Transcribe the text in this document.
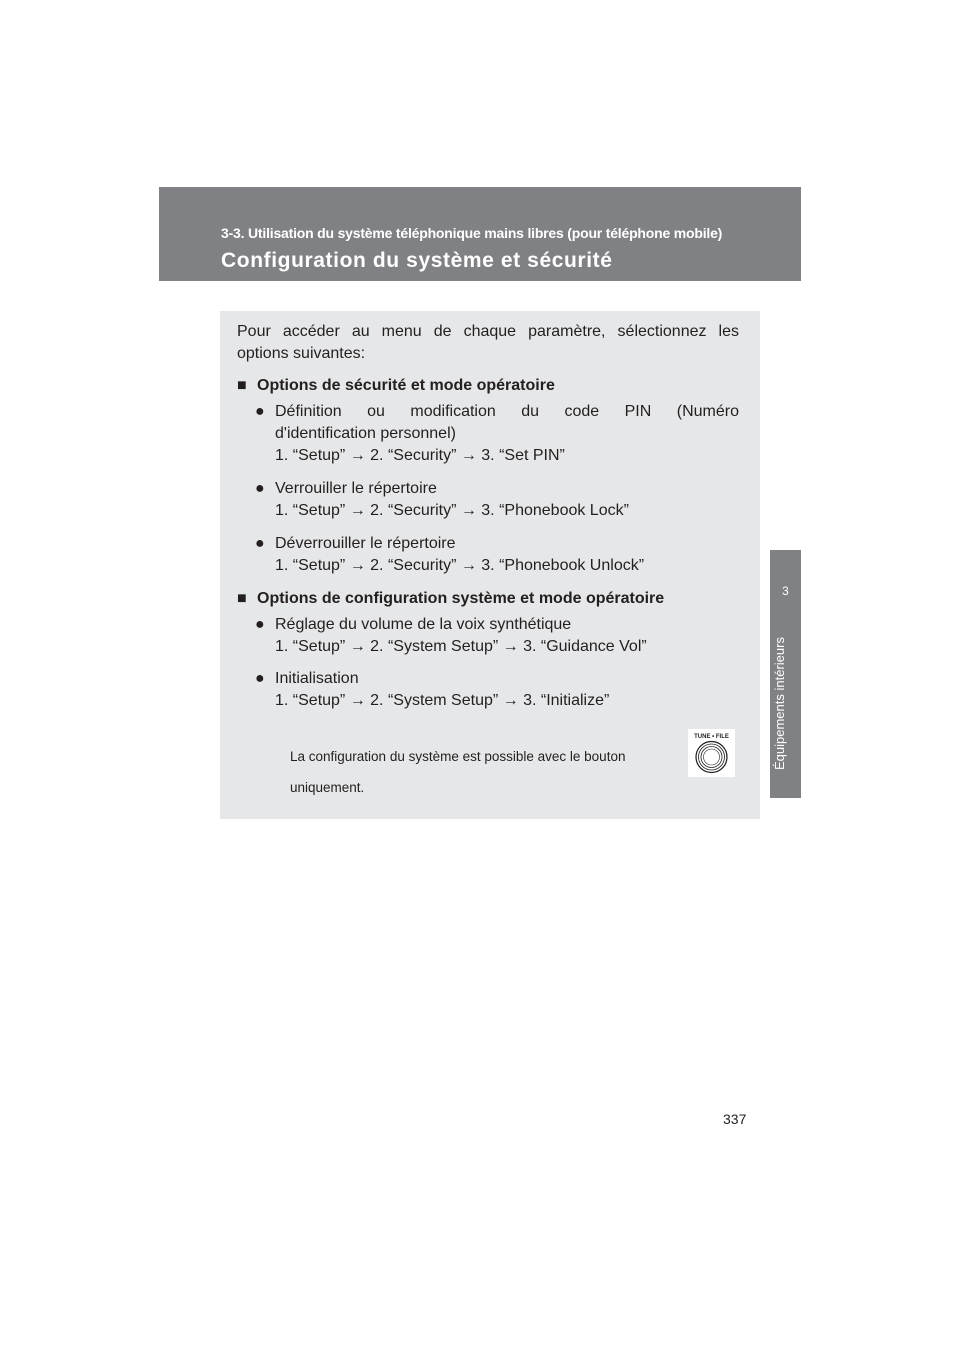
3-3. Utilisation du système téléphonique mains libres (pour téléphone mobile)
Configuration du système et sécurité
3
Équipements intérieurs
Pour accéder au menu de chaque paramètre, sélectionnez les
options suivantes:
■ Options de sécurité et mode opératoire
● Définition ou modification du code PIN (Numéro
d'identification personnel)
1. “Setup” → 2. “Security” → 3. “Set PIN”
● Verrouiller le répertoire
1. “Setup” → 2. “Security” → 3. “Phonebook Lock”
● Déverrouiller le répertoire
1. “Setup” → 2. “Security” → 3. “Phonebook Unlock”
■ Options de configuration système et mode opératoire
● Réglage du volume de la voix synthétique
1. “Setup” → 2. “System Setup” → 3. “Guidance Vol”
● Initialisation
1. “Setup” → 2. “System Setup” → 3. “Initialize”
La configuration du système est possible avec le bouton
uniquement.
TUNE • FILE
337
